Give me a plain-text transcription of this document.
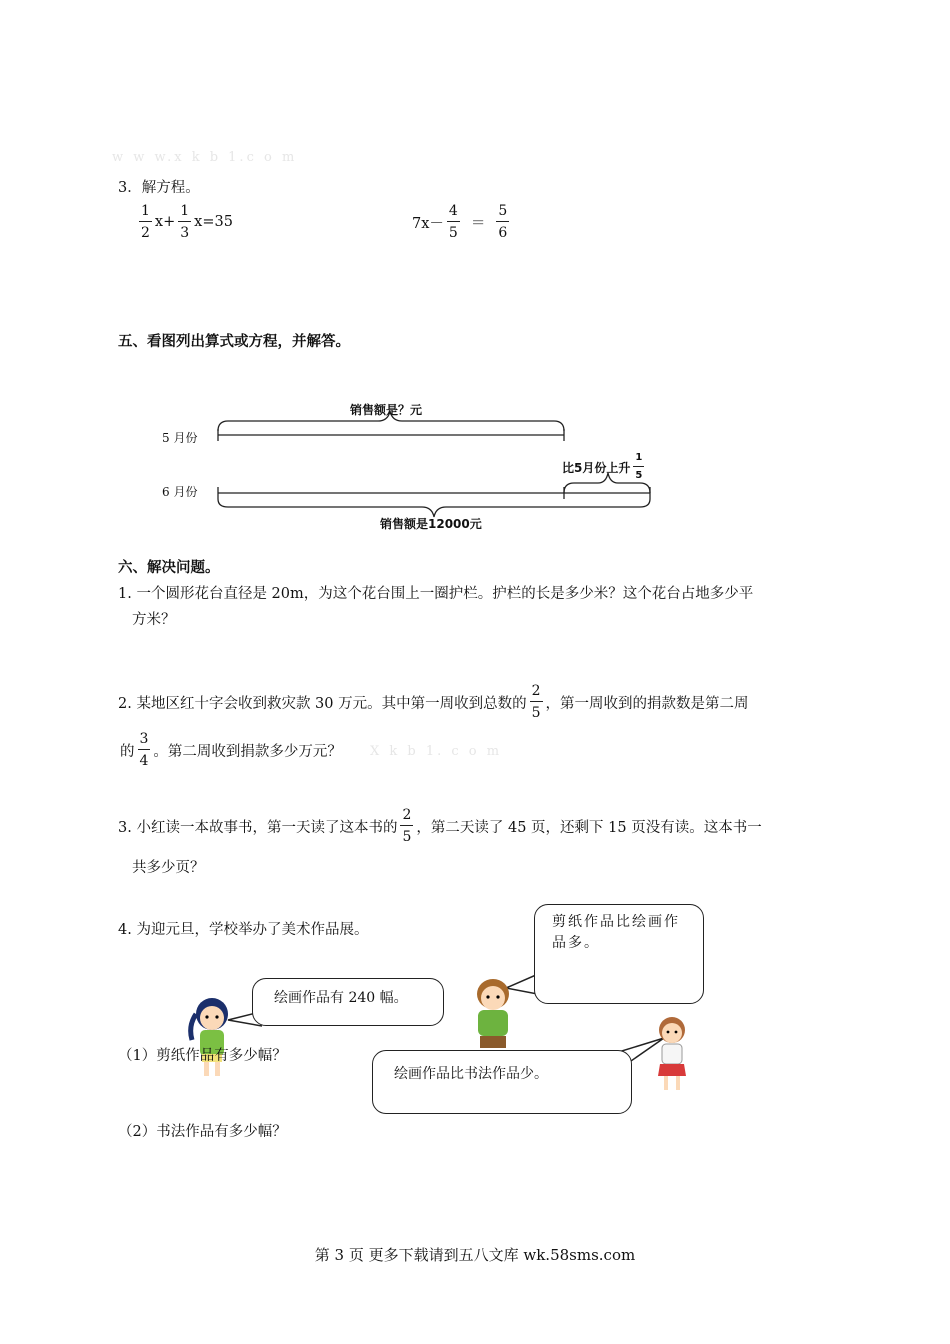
w w w.x k b 1.c o m
3．解方程。
$\frac{1}{2} x+ \frac{1}{3} x=35$	$7x- \frac{4}{5} = \frac{5}{6}$
五、看图列出算式或方程，并解答。
销售额是？元
5 月份
6 月份
比5月份上升 $\frac{1}{5}$
销售额是12000元
六、解决问题。
1. 一个圆形花台直径是 20m，为这个花台围上一圈护栏。护栏的长是多少米？这个花台占地多少平
方米？
2. 某地区红十字会收到救灾款 30 万元。其中第一周收到总数的 $\frac{2}{5}$ ，第一周收到的捐款数是第二周
的 $\frac{3}{4}$ 。第二周收到捐款多少万元？ X k b 1. c o m
3. 小红读一本故事书，第一天读了这本书的 $\frac{2}{5}$ ，第二天读了 45 页，还剩下 15 页没有读。这本书一
共多少页？
4. 为迎元旦，学校举办了美术作品展。
绘画作品有 240 幅。
剪纸作品比绘画作品多。
绘画作品比书法作品少。
（1）剪纸作品有多少幅？
（2）书法作品有多少幅？
第 3 页 更多下载请到五八文库 wk.58sms.com
